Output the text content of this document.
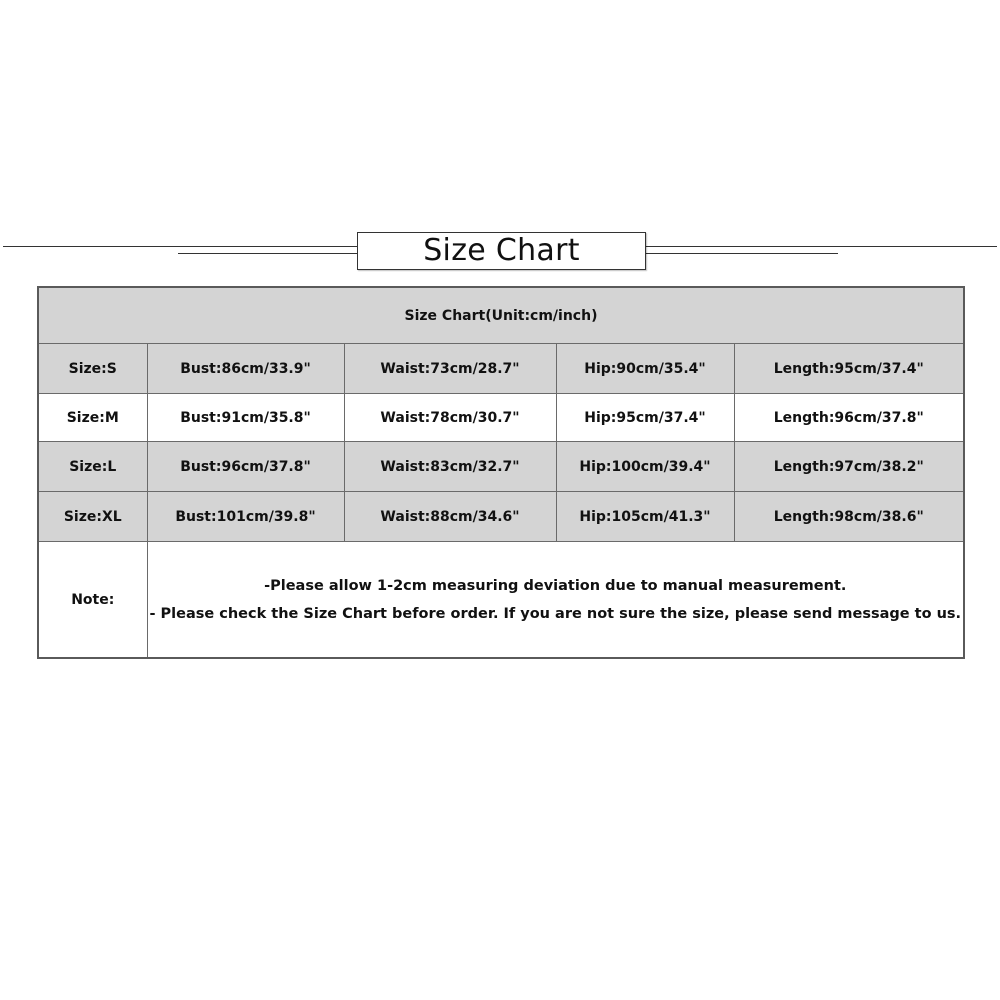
Size Chart
Size Chart(Unit:cm/inch)				
Size:S	Bust:86cm/33.9"	Waist:73cm/28.7"	Hip:90cm/35.4"	Length:95cm/37.4"
Size:M	Bust:91cm/35.8"	Waist:78cm/30.7"	Hip:95cm/37.4"	Length:96cm/37.8"
Size:L	Bust:96cm/37.8"	Waist:83cm/32.7"	Hip:100cm/39.4"	Length:97cm/38.2"
Size:XL	Bust:101cm/39.8"	Waist:88cm/34.6"	Hip:105cm/41.3"	Length:98cm/38.6"
Note:	-Please allow 1-2cm measuring deviation due to manual measurement.
- Please check the Size Chart before order. If you are not sure the size, please send message to us.			
